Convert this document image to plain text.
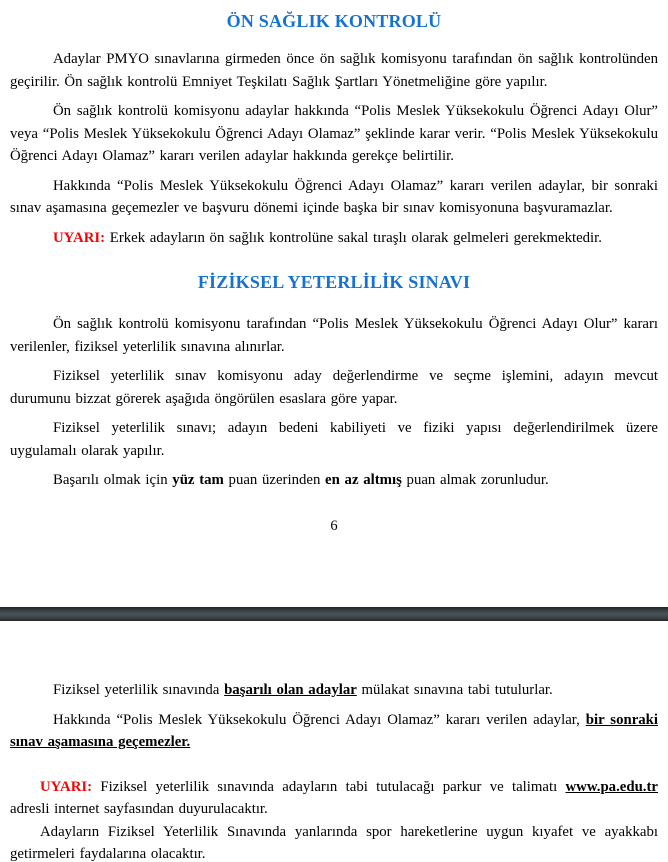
ÖN SAĞLIK KONTROLÜ

Adaylar PMYO sınavlarına girmeden önce ön sağlık komisyonu tarafından ön sağlık kontrolünden geçirilir. Ön sağlık kontrolü Emniyet Teşkilatı Sağlık Şartları Yönetmeliğine göre yapılır.

Ön sağlık kontrolü komisyonu adaylar hakkında “Polis Meslek Yüksekokulu Öğrenci Adayı Olur” veya “Polis Meslek Yüksekokulu Öğrenci Adayı Olamaz” şeklinde karar verir. “Polis Meslek Yüksekokulu Öğrenci Adayı Olamaz” kararı verilen adaylar hakkında gerekçe belirtilir.

Hakkında “Polis Meslek Yüksekokulu Öğrenci Adayı Olamaz” kararı verilen adaylar, bir sonraki sınav aşamasına geçemezler ve başvuru dönemi içinde başka bir sınav komisyonuna başvuramazlar.

UYARI: Erkek adayların ön sağlık kontrolüne sakal tıraşlı olarak gelmeleri gerekmektedir.

FİZİKSEL YETERLİLİK SINAVI

Ön sağlık kontrolü komisyonu tarafından “Polis Meslek Yüksekokulu Öğrenci Adayı Olur” kararı verilenler, fiziksel yeterlilik sınavına alınırlar.

Fiziksel yeterlilik sınav komisyonu aday değerlendirme ve seçme işlemini, adayın mevcut durumunu bizzat görerek aşağıda öngörülen esaslara göre yapar.

Fiziksel yeterlilik sınavı; adayın bedeni kabiliyeti ve fiziki yapısı değerlendirilmek üzere uygulamalı olarak yapılır.

Başarılı olmak için yüz tam puan üzerinden en az altmış puan almak zorunludur.

6

Fiziksel yeterlilik sınavında başarılı olan adaylar mülakat sınavına tabi tutulurlar.

Hakkında “Polis Meslek Yüksekokulu Öğrenci Adayı Olamaz” kararı verilen adaylar, bir sonraki sınav aşamasına geçemezler.

UYARI: Fiziksel yeterlilik sınavında adayların tabi tutulacağı parkur ve talimatı www.pa.edu.tr adresli internet sayfasından duyurulacaktır.

Adayların Fiziksel Yeterlilik Sınavında yanlarında spor hareketlerine uygun kıyafet ve ayakkabı getirmeleri faydalarına olacaktır.
